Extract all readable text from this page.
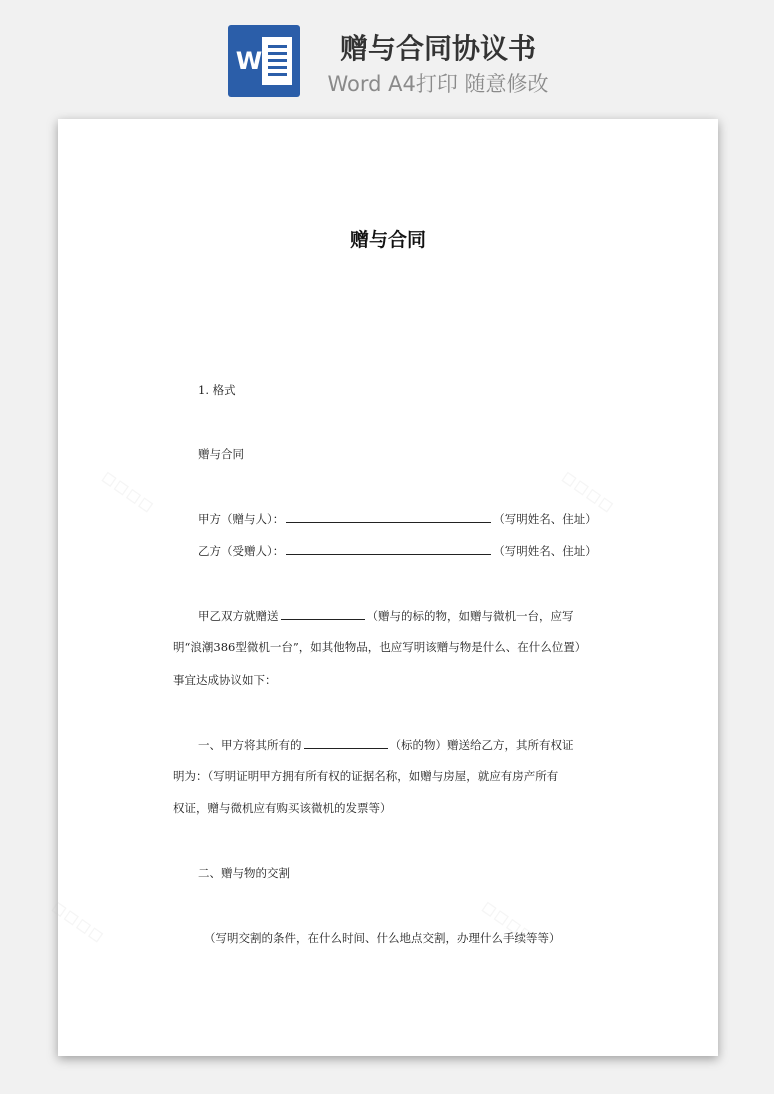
W	赠与合同协议书
Word A4打印 随意修改
▫▫▫▫	▫▫▫▫
▫▫▫▫	▫▫▫▫
赠与合同
1. 格式
赠与合同
甲方（赠与人）：	（写明姓名、住址）
乙方（受赠人）：	（写明姓名、住址）
甲乙双方就赠送	（赠与的标的物，如赠与微机一台，应写
明“浪潮386型微机一台”，如其他物品，也应写明该赠与物是什么、在什么位置）
事宜达成协议如下：
一、甲方将其所有的	（标的物）赠送给乙方，其所有权证
明为：（写明证明甲方拥有所有权的证据名称，如赠与房屋，就应有房产所有
权证，赠与微机应有购买该微机的发票等）
二、赠与物的交割
（写明交割的条件，在什么时间、什么地点交割，办理什么手续等等）
